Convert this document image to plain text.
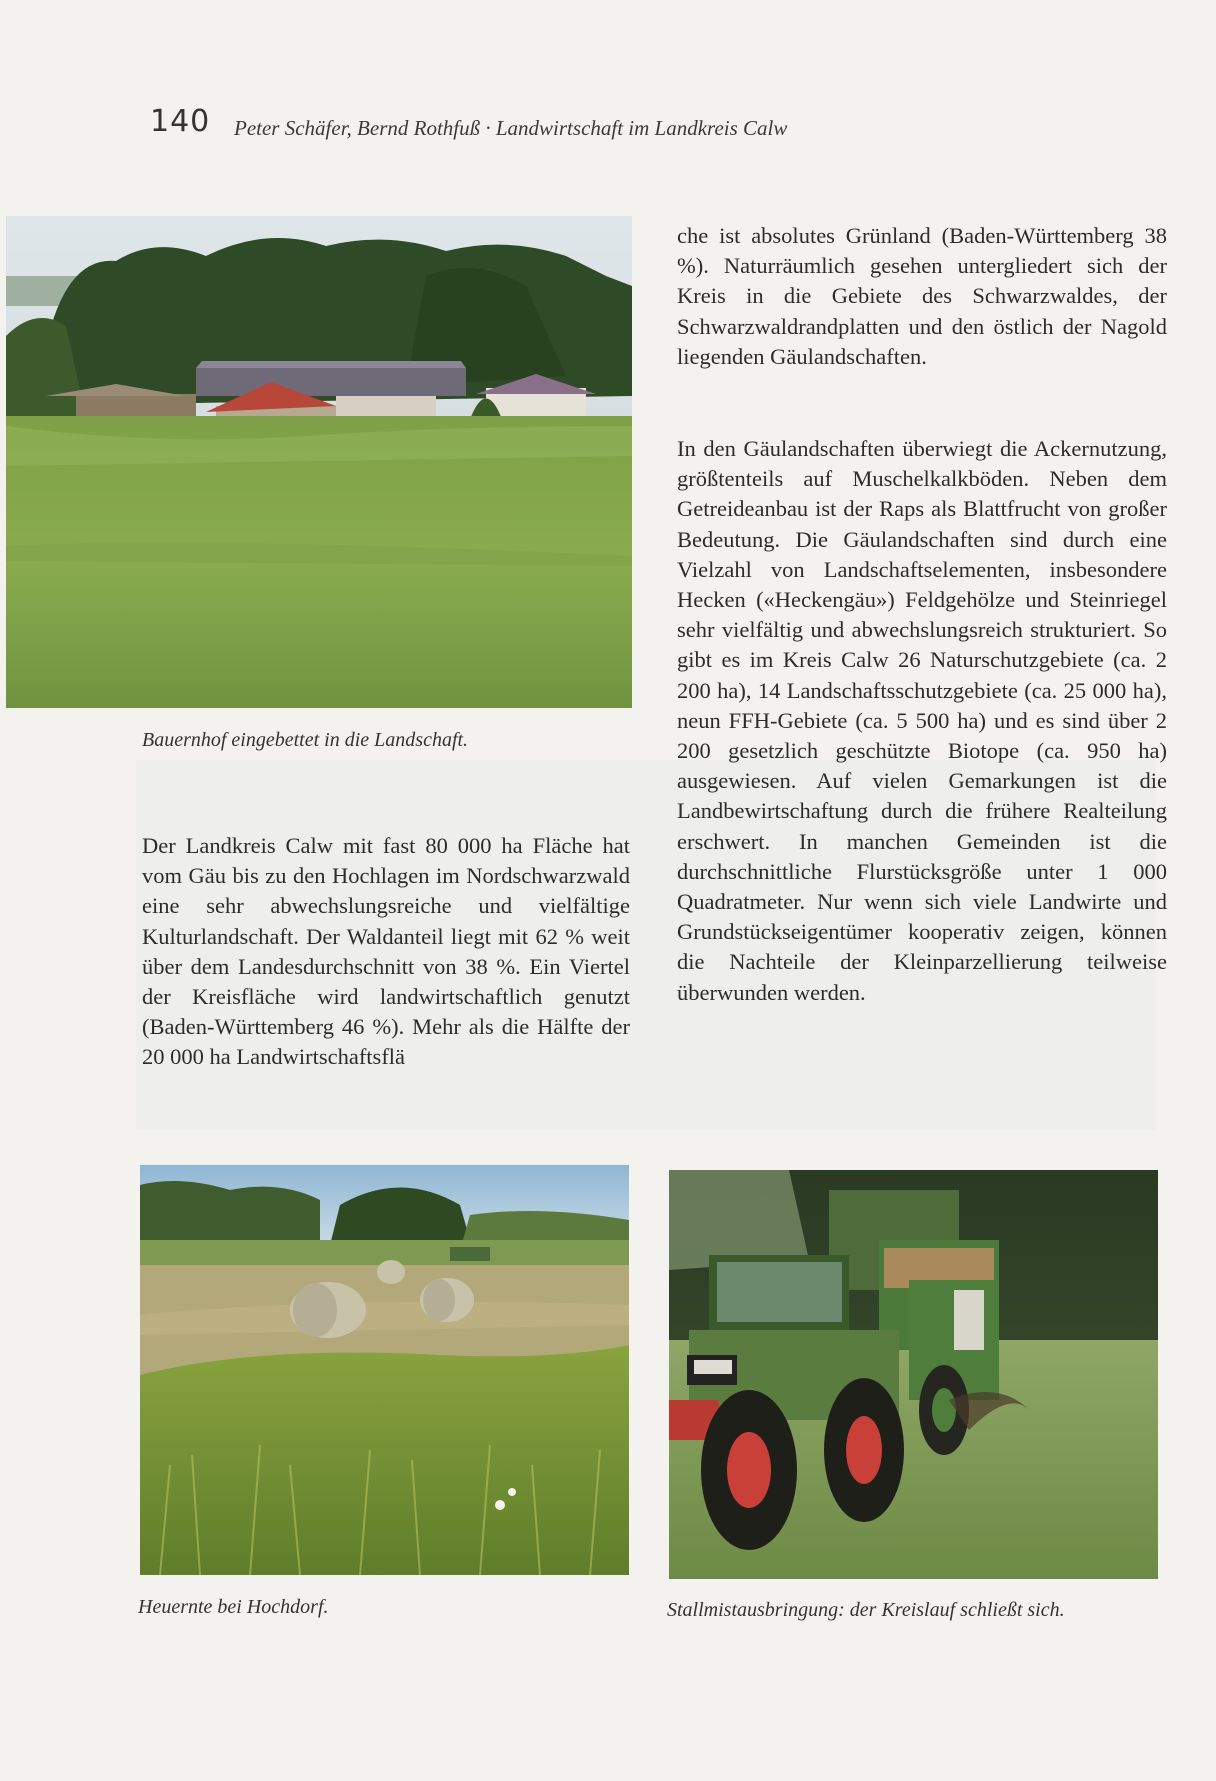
140 Peter Schäfer, Bernd Rothfuß · Landwirtschaft im Landkreis Calw
Bauernhof eingebettet in die Landschaft.

Der Landkreis Calw mit fast 80 000 ha Fläche hat vom Gäu bis zu den Hochlagen im Nordschwarzwald eine sehr abwechslungsreiche und vielfältige Kulturlandschaft. Der Waldanteil liegt mit 62 % weit über dem Landesdurchschnitt von 38 %. Ein Viertel der Kreisfläche wird landwirtschaftlich genutzt (Baden-Württemberg 46 %). Mehr als die Hälfte der 20 000 ha Landwirtschaftsflä

che ist absolutes Grünland (Baden-Württemberg 38 %). Naturräumlich gesehen untergliedert sich der Kreis in die Gebiete des Schwarzwaldes, der Schwarzwaldrandplatten und den östlich der Nagold liegenden Gäulandschaften.

In den Gäulandschaften überwiegt die Ackernutzung, größtenteils auf Muschelkalkböden. Neben dem Getreideanbau ist der Raps als Blattfrucht von großer Bedeutung. Die Gäulandschaften sind durch eine Vielzahl von Landschaftselementen, insbesondere Hecken («Heckengäu») Feldgehölze und Steinriegel sehr vielfältig und abwechslungsreich strukturiert. So gibt es im Kreis Calw 26 Naturschutzgebiete (ca. 2 200 ha), 14 Landschaftsschutzgebiete (ca. 25 000 ha), neun FFH-Gebiete (ca. 5 500 ha) und es sind über 2 200 gesetzlich geschützte Biotope (ca. 950 ha) ausgewiesen. Auf vielen Gemarkungen ist die Landbewirtschaftung durch die frühere Realteilung erschwert. In manchen Gemeinden ist die durchschnittliche Flurstücksgröße unter 1 000 Quadratmeter. Nur wenn sich viele Landwirte und Grundstückseigentümer kooperativ zeigen, können die Nachteile der Kleinparzellierung teilweise überwunden werden.

Heuernte bei Hochdorf.	Stallmistausbringung: der Kreislauf schließt sich.
